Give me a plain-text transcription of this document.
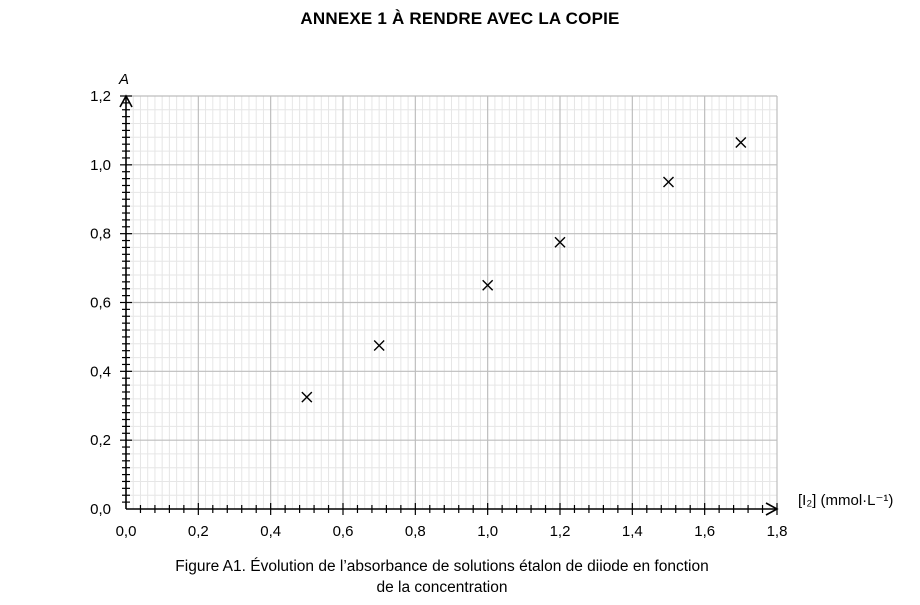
ANNEXE 1 À RENDRE AVEC LA COPIE
0,0	0,2	0,4	0,6	0,8	1,0	1,2	1,4	1,6	1,8
0,0
0,2
0,4
0,6
0,8
1,0
1,2
A
[I₂] (mmol·L⁻¹)
Figure A1. Évolution de l’absorbance de solutions étalon de diiode en fonction
de la concentration
